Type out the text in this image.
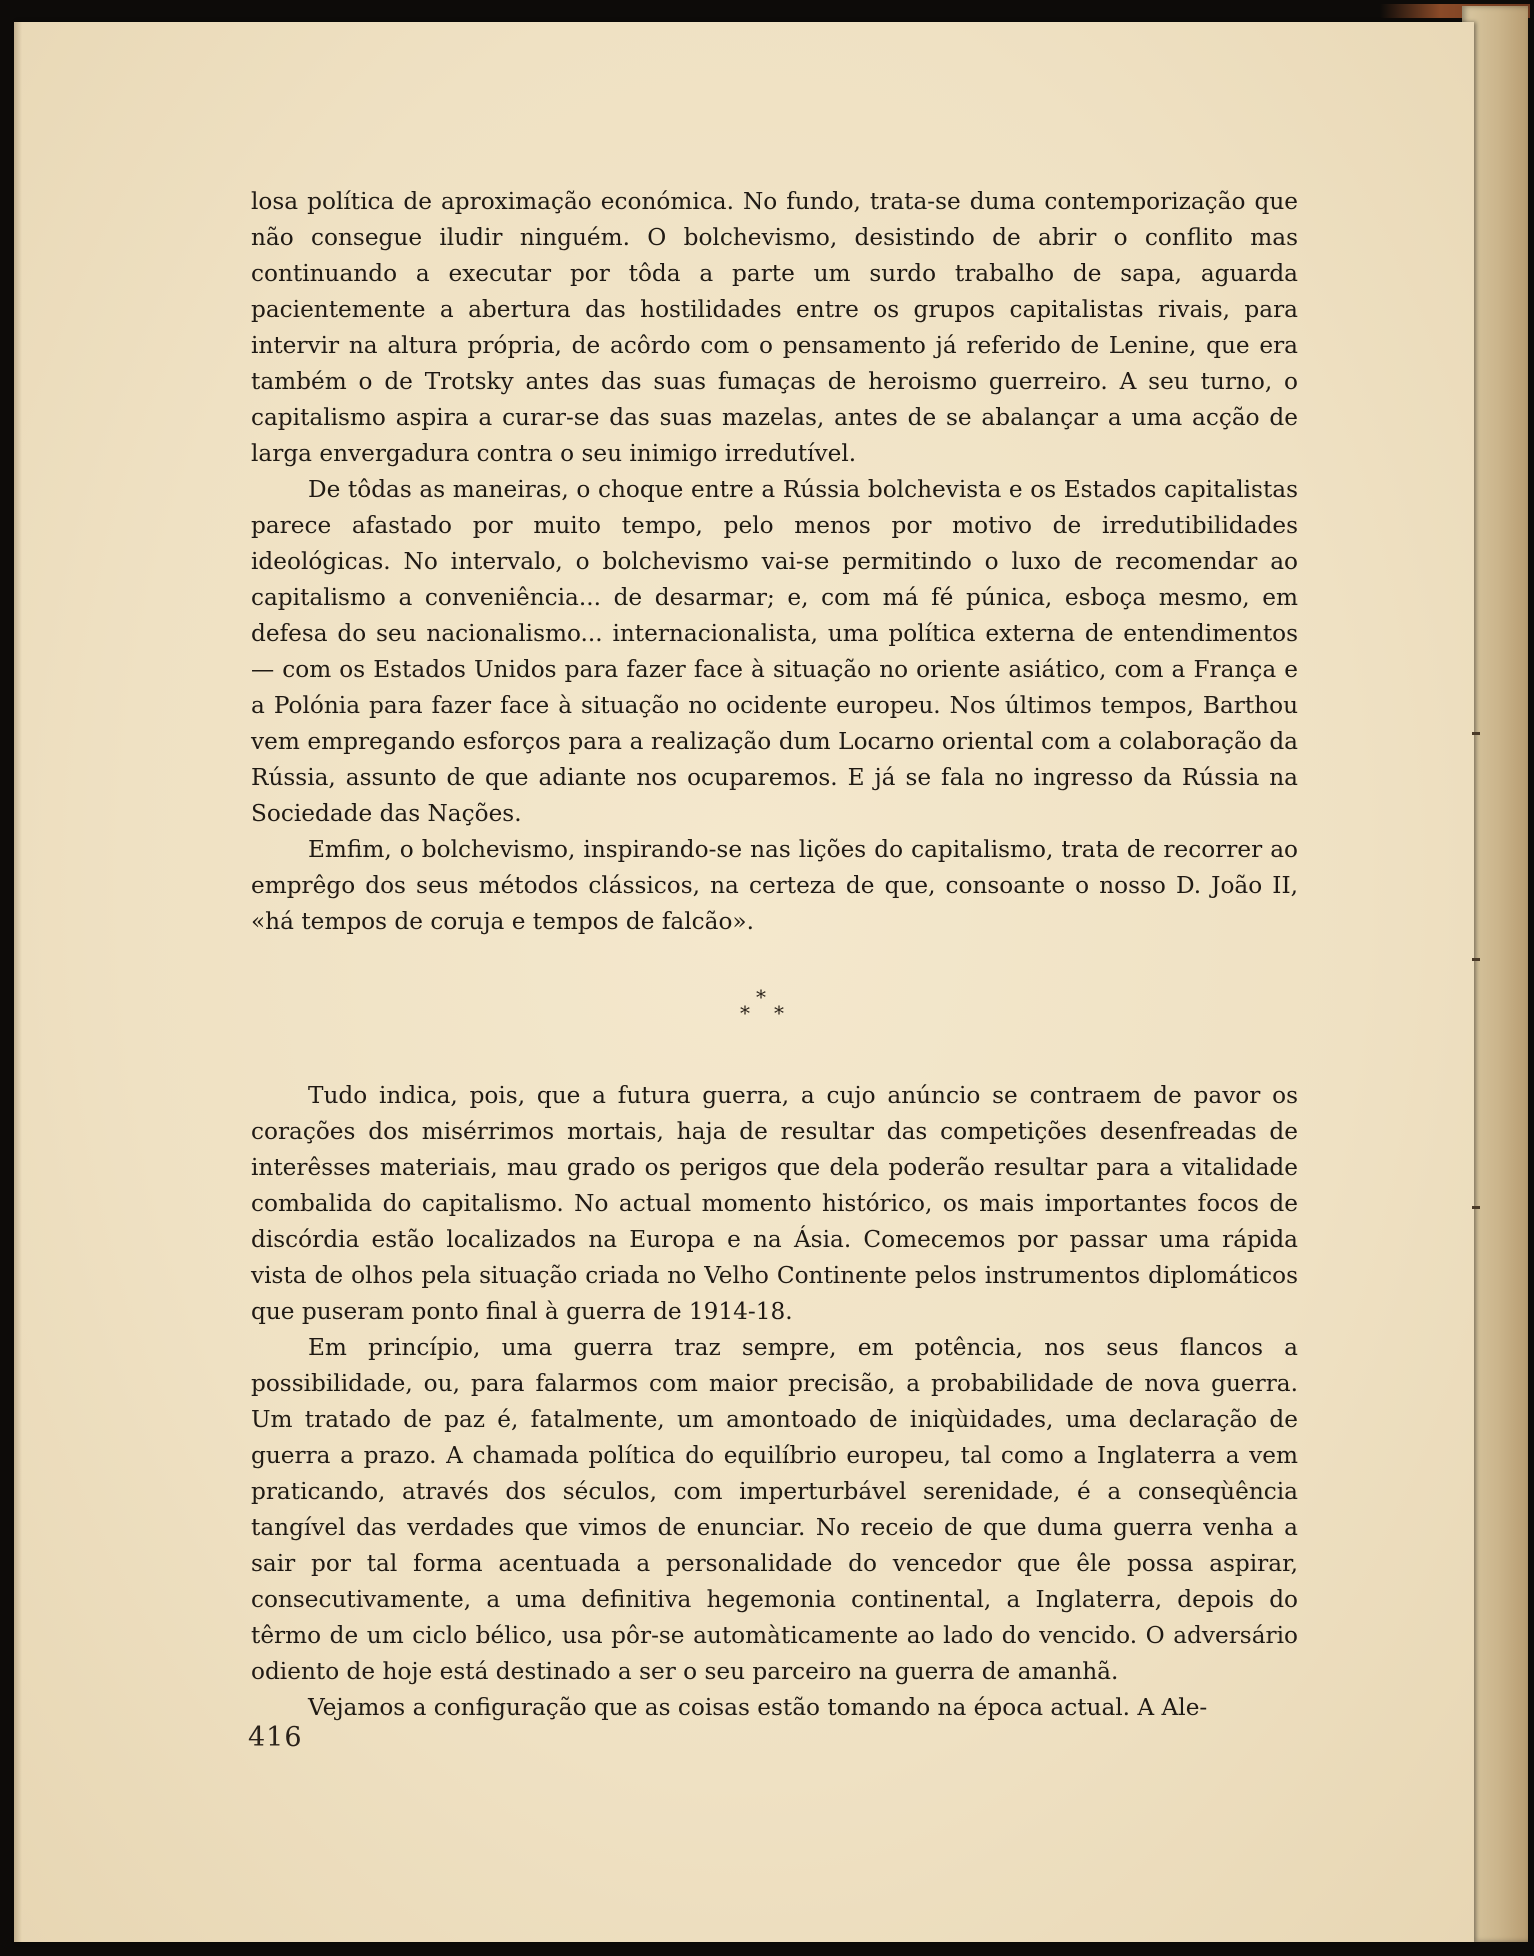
losa política de aproximação económica. No fundo, trata-se duma contemporização que não consegue iludir ninguém. O bolchevismo, desistindo de abrir o conflito mas continuando a executar por tôda a parte um surdo trabalho de sapa, aguarda pacientemente a abertura das hostilidades entre os grupos capitalistas rivais, para intervir na altura própria, de acôrdo com o pensamento já referido de Lenine, que era também o de Trotsky antes das suas fumaças de heroismo guerreiro. A seu turno, o capitalismo aspira a curar-se das suas mazelas, antes de se abalançar a uma acção de larga envergadura contra o seu inimigo irredutível.

De tôdas as maneiras, o choque entre a Rússia bolchevista e os Estados capitalistas parece afastado por muito tempo, pelo menos por motivo de irredutibilidades ideológicas. No intervalo, o bolchevismo vai-se permitindo o luxo de recomendar ao capitalismo a conveniência... de desarmar; e, com má fé púnica, esboça mesmo, em defesa do seu nacionalismo... internacionalista, uma política externa de entendimentos — com os Estados Unidos para fazer face à situação no oriente asiático, com a França e a Polónia para fazer face à situação no ocidente europeu. Nos últimos tempos, Barthou vem empregando esforços para a realização dum Locarno oriental com a colaboração da Rússia, assunto de que adiante nos ocuparemos. E já se fala no ingresso da Rússia na Sociedade das Nações.

Emfim, o bolchevismo, inspirando-se nas lições do capitalismo, trata de recorrer ao emprêgo dos seus métodos clássicos, na certeza de que, consoante o nosso D. João II, «há tempos de coruja e tempos de falcão».

*
* *

Tudo indica, pois, que a futura guerra, a cujo anúncio se contraem de pavor os corações dos misérrimos mortais, haja de resultar das competições desenfreadas de interêsses materiais, mau grado os perigos que dela poderão resultar para a vitalidade combalida do capitalismo. No actual momento histórico, os mais importantes focos de discórdia estão localizados na Europa e na Ásia. Comecemos por passar uma rápida vista de olhos pela situação criada no Velho Continente pelos instrumentos diplomáticos que puseram ponto final à guerra de 1914-18.

Em princípio, uma guerra traz sempre, em potência, nos seus flancos a possibilidade, ou, para falarmos com maior precisão, a probabilidade de nova guerra. Um tratado de paz é, fatalmente, um amontoado de iniqùidades, uma declaração de guerra a prazo. A chamada política do equilíbrio europeu, tal como a Inglaterra a vem praticando, através dos séculos, com imperturbável serenidade, é a conseqùência tangível das verdades que vimos de enunciar. No receio de que duma guerra venha a sair por tal forma acentuada a personalidade do vencedor que êle possa aspirar, consecutivamente, a uma definitiva hegemonia continental, a Inglaterra, depois do têrmo de um ciclo bélico, usa pôr-se automàticamente ao lado do vencido. O adversário odiento de hoje está destinado a ser o seu parceiro na guerra de amanhã.

Vejamos a configuração que as coisas estão tomando na época actual. A Ale-

416
